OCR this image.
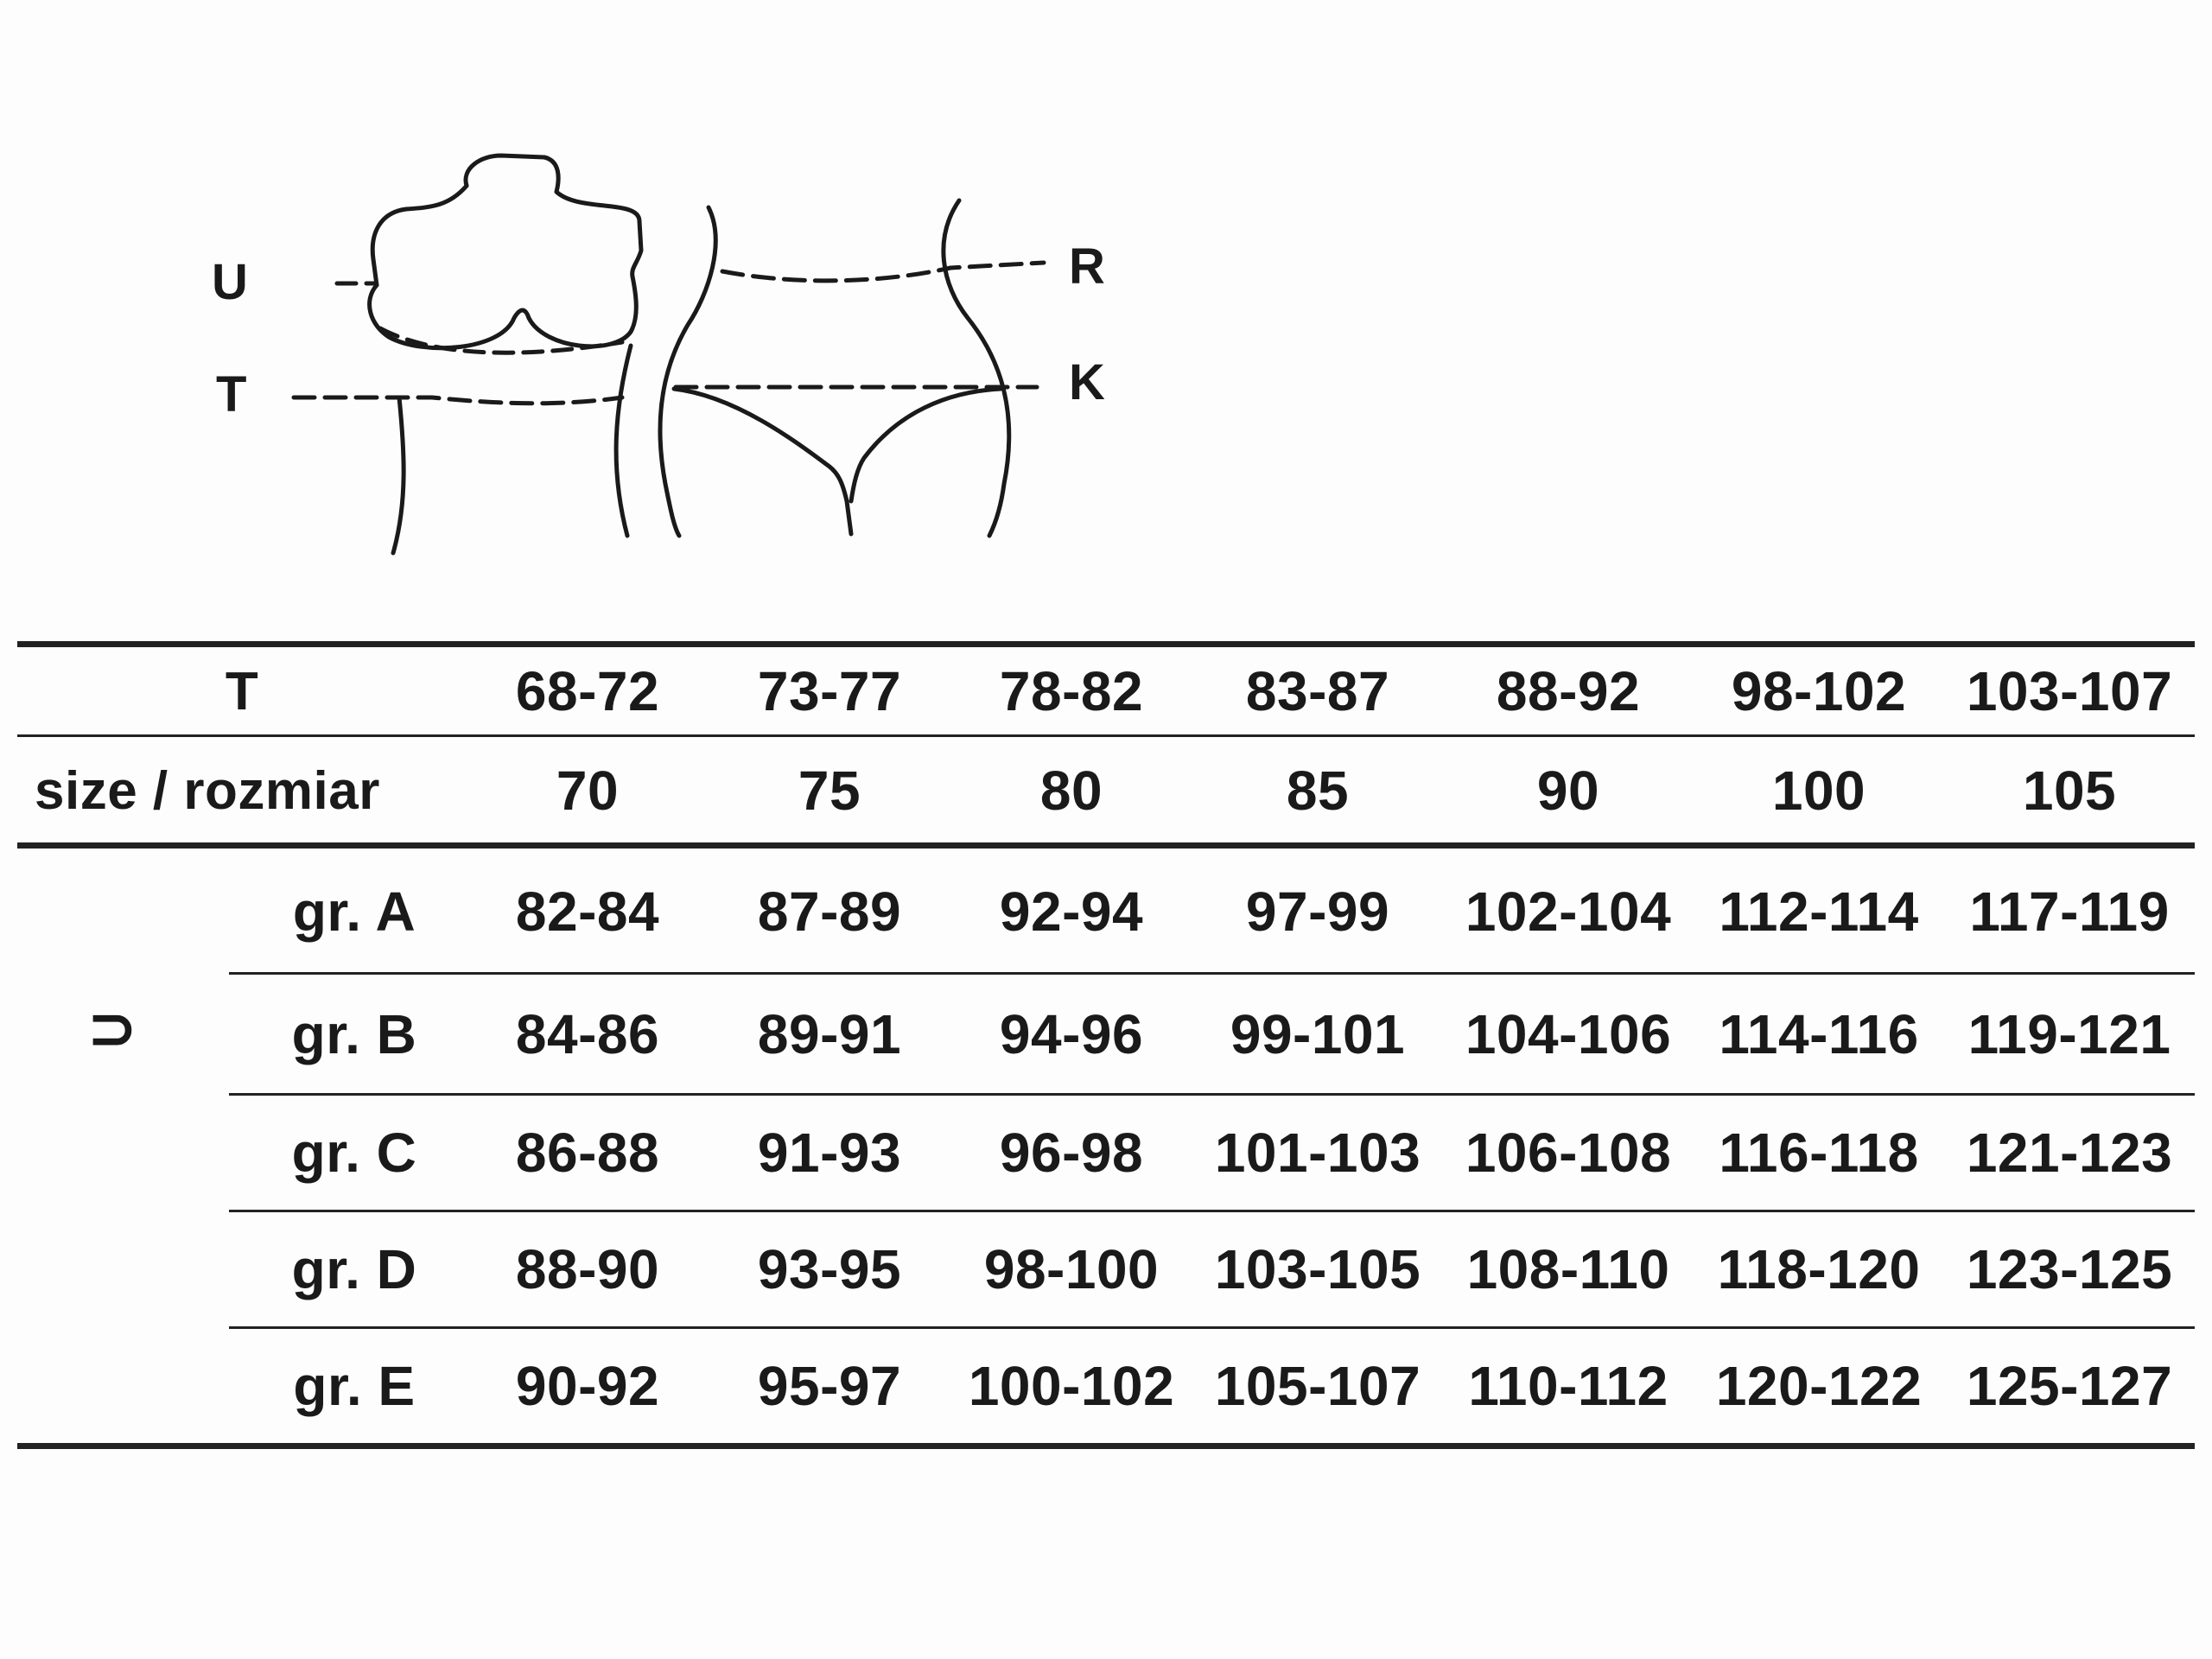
U
T
R
K
T	68-72	73-77	78-82	83-87	88-92	98-102	103-107
size / rozmiar	70	75	80	85	90	100	105
⊃
gr. A	82-84	87-89	92-94	97-99	102-104 112-114 117-119
gr. B	84-86	89-91	94-96	99-101	104-106 114-116 119-121
gr. C	86-88	91-93	96-98	101-103 106-108 116-118 121-123
gr. D	88-90	93-95	98-100	103-105 108-110 118-120 123-125
gr. E	90-92	95-97	100-102 105-107 110-112 120-122 125-127
